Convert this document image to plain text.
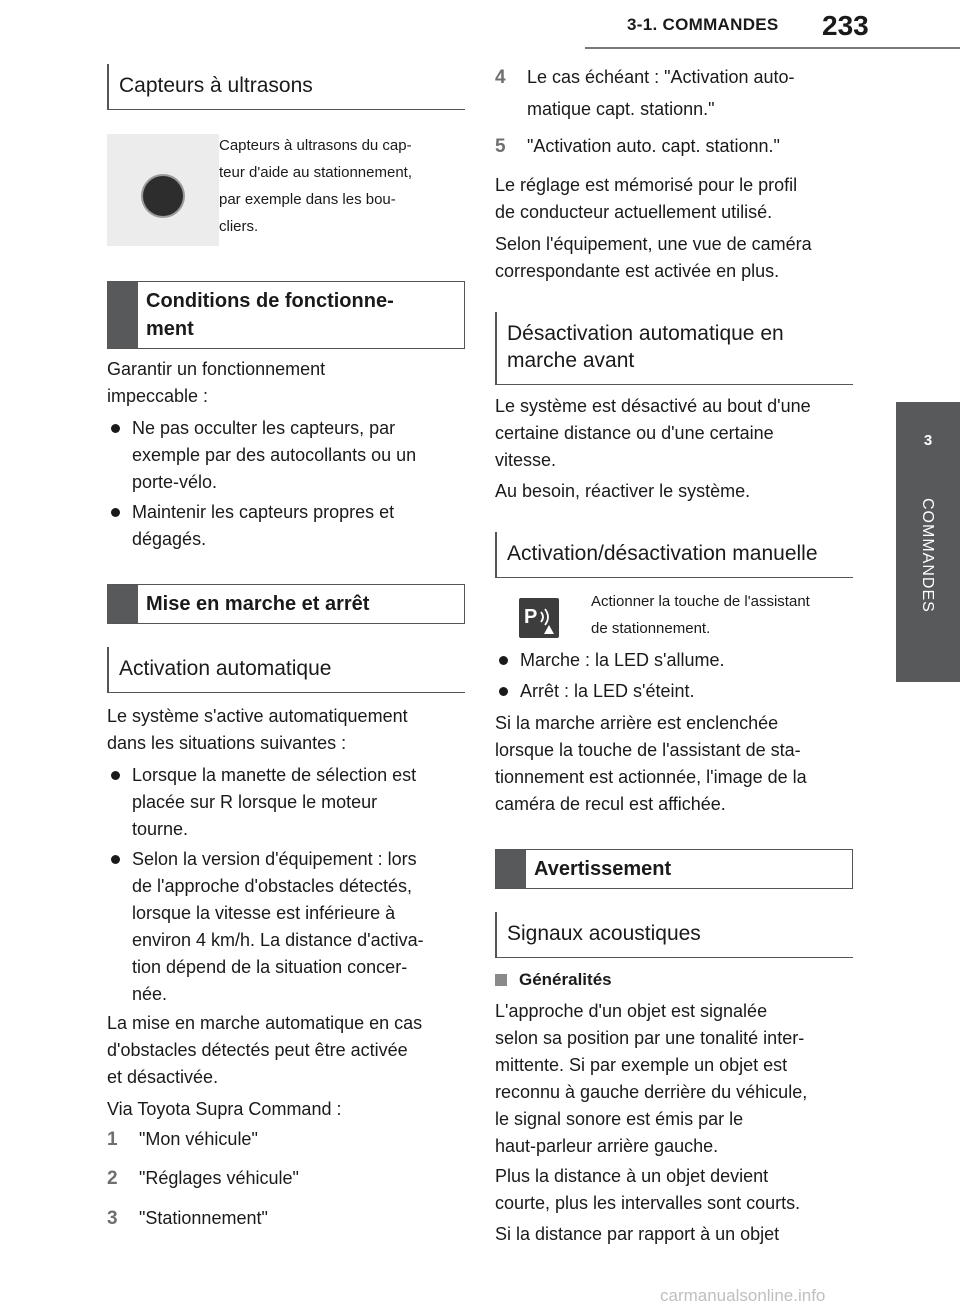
3-1. COMMANDES 233
3
COMMANDES
Capteurs à ultrasons
Capteurs à ultrasons du cap-
teur d'aide au stationnement,
par exemple dans les bou-
cliers.
Conditions de fonctionne-
ment
Garantir un fonctionnement
impeccable :
Ne pas occulter les capteurs, par
exemple par des autocollants ou un
porte-vélo.
Maintenir les capteurs propres et
dégagés.
Mise en marche et arrêt
Activation automatique
Le système s'active automatiquement
dans les situations suivantes :
Lorsque la manette de sélection est
placée sur R lorsque le moteur
tourne.
Selon la version d'équipement : lors
de l'approche d'obstacles détectés,
lorsque la vitesse est inférieure à
environ 4 km/h. La distance d'activa-
tion dépend de la situation concer-
née.
La mise en marche automatique en cas
d'obstacles détectés peut être activée
et désactivée.
Via Toyota Supra Command :
1 "Mon véhicule"
2 "Réglages véhicule"
3 "Stationnement"
4 Le cas échéant : "Activation auto-
matique capt. stationn."
5 "Activation auto. capt. stationn."
Le réglage est mémorisé pour le profil
de conducteur actuellement utilisé.
Selon l'équipement, une vue de caméra
correspondante est activée en plus.
Désactivation automatique en
marche avant
Le système est désactivé au bout d'une
certaine distance ou d'une certaine
vitesse.
Au besoin, réactiver le système.
Activation/désactivation manuelle
P
Actionner la touche de l'assistant
de stationnement.
Marche : la LED s'allume.
Arrêt : la LED s'éteint.
Si la marche arrière est enclenchée
lorsque la touche de l'assistant de sta-
tionnement est actionnée, l'image de la
caméra de recul est affichée.
Avertissement
Signaux acoustiques
Généralités
L'approche d'un objet est signalée
selon sa position par une tonalité inter-
mittente. Si par exemple un objet est
reconnu à gauche derrière du véhicule,
le signal sonore est émis par le
haut-parleur arrière gauche.
Plus la distance à un objet devient
courte, plus les intervalles sont courts.
Si la distance par rapport à un objet
carmanualsonline.info
